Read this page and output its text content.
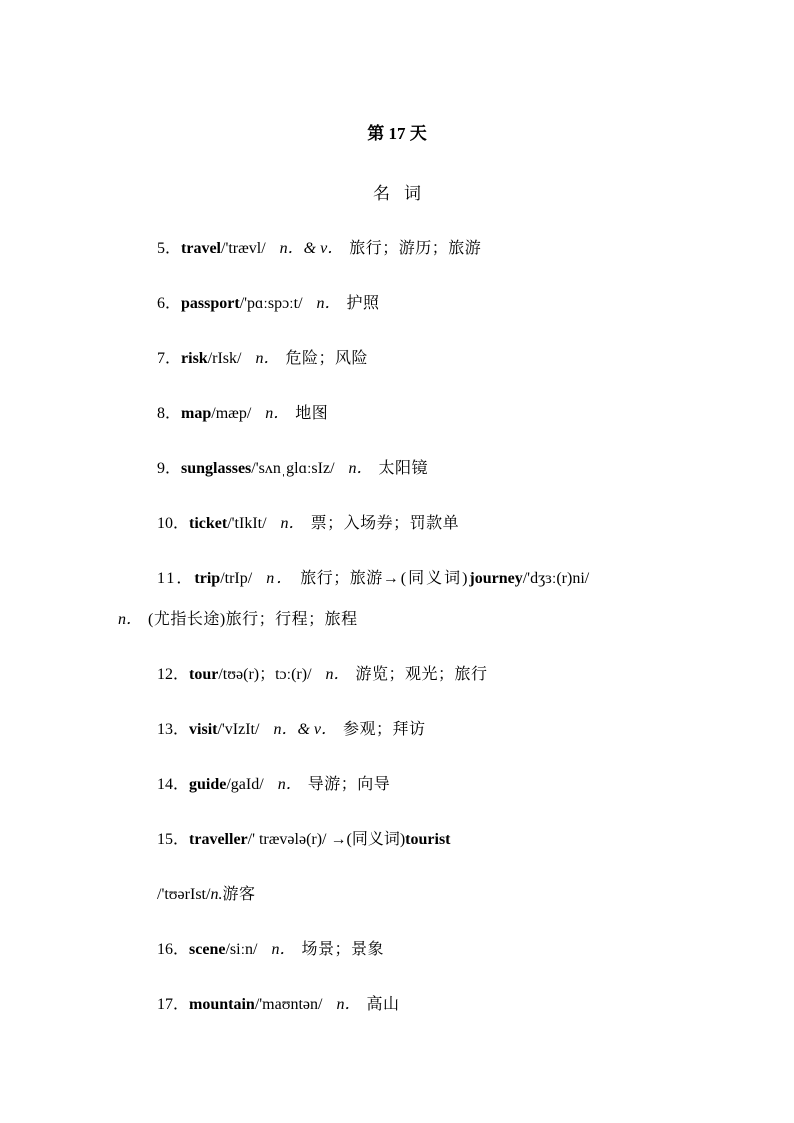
第 17 天
名词
5．travel/'trævl/ n．& v． 旅行；游历；旅游
6．passport/'pɑːspɔːt/ n． 护照
7．risk/rIsk/ n． 危险；风险
8．map/mæp/ n． 地图
9．sunglasses/'sʌnˌglɑːsIz/ n． 太阳镜
10．ticket/'tIkIt/ n． 票；入场券；罚款单
11．trip/trIp/ n． 旅行；旅游→(同义词)journey/'dʒɜː(r)ni/
n． (尤指长途)旅行；行程；旅程
12．tour/tʊə(r)；tɔː(r)/ n． 游览；观光；旅行
13．visit/'vIzIt/ n．& v． 参观；拜访
14．guide/gaId/ n． 导游；向导
15．traveller/' trævələ(r)/ →(同义词)tourist
/'tʊərIst/n.游客
16．scene/siːn/ n． 场景；景象
17．mountain/'maʊntən/ n． 高山
